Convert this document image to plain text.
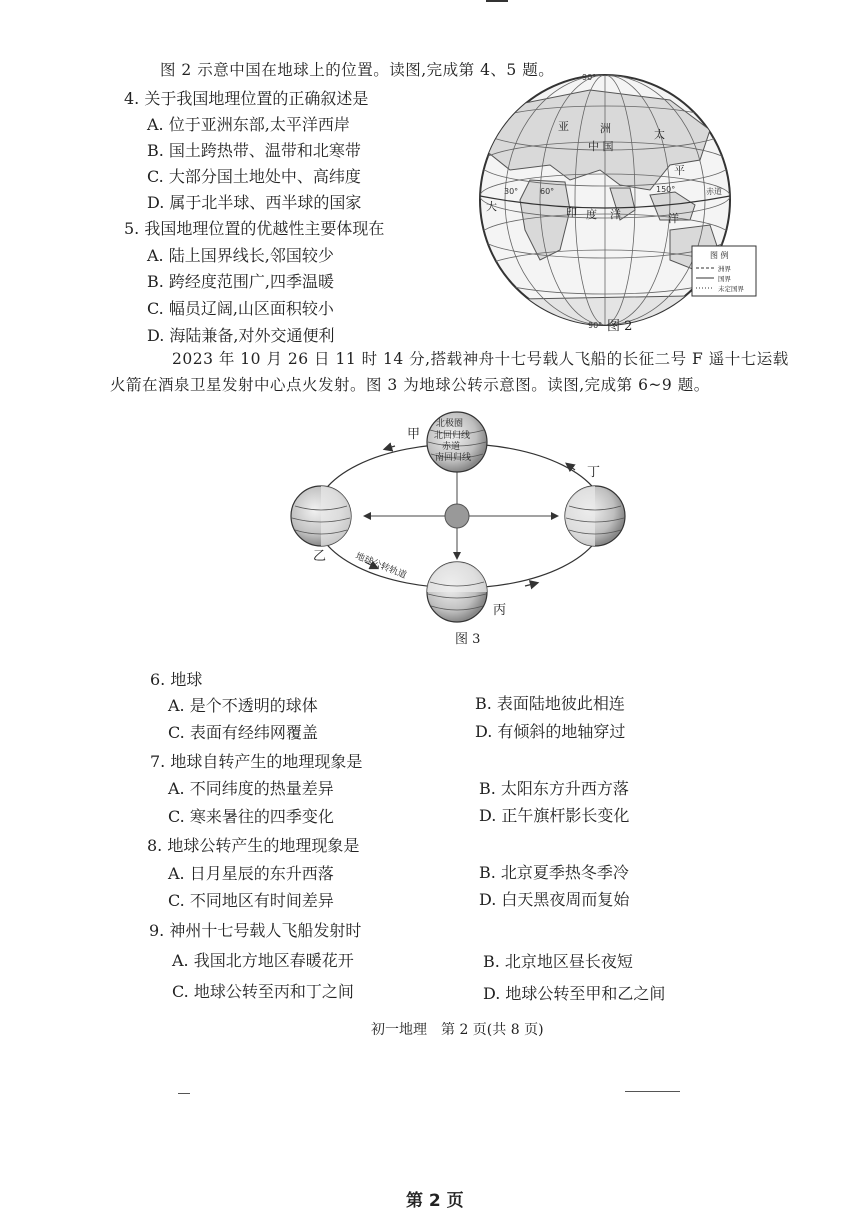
图 2 示意中国在地球上的位置。读图,完成第 4、5 题。
4. 关于我国地理位置的正确叙述是
A. 位于亚洲东部,太平洋西岸
B. 国土跨热带、温带和北寒带
C. 大部分国土地处中、高纬度
D. 属于北半球、西半球的国家
5. 我国地理位置的优越性主要体现在
A. 陆上国界线长,邻国较少
B. 跨经度范围广,四季温暖
C. 幅员辽阔,山区面积较小
D. 海陆兼备,对外交通便利
90°
90°
30°	60°	150°	赤道
亚	洲
中 国
太
平
洋
印 度 洋
大
图 例
洲界
国界
未定国界
图 2
2023 年 10 月 26 日 11 时 14 分,搭载神舟十七号载人飞船的长征二号 F 遥十七运载
火箭在酒泉卫星发射中心点火发射。图 3 为地球公转示意图。读图,完成第 6~9 题。
北极圈
北回归线
赤道
南回归线
甲
乙
丙
丁
地球公转轨道
图 3
6. 地球
A. 是个不透明的球体	B. 表面陆地彼此相连
C. 表面有经纬网覆盖	D. 有倾斜的地轴穿过
7. 地球自转产生的地理现象是
A. 不同纬度的热量差异	B. 太阳东方升西方落
C. 寒来暑往的四季变化	D. 正午旗杆影长变化
8. 地球公转产生的地理现象是
A. 日月星辰的东升西落	B. 北京夏季热冬季冷
C. 不同地区有时间差异	D. 白天黑夜周而复始
9. 神州十七号载人飞船发射时
A. 我国北方地区春暖花开	B. 北京地区昼长夜短
C. 地球公转至丙和丁之间	D. 地球公转至甲和乙之间
初一地理　第 2 页(共 8 页)
第 2 页
